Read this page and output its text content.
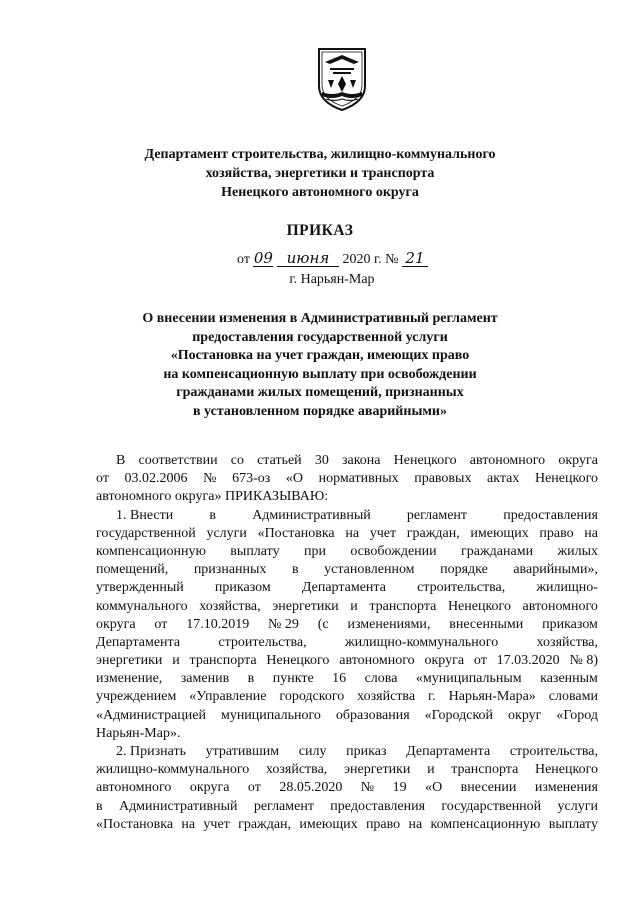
Департамент строительства, жилищно-коммунального
хозяйства, энергетики и транспорта
Ненецкого автономного округа
ПРИКАЗ
от 09 июня 2020 г. № 21
г. Нарьян-Мар
О внесении изменения в Административный регламент
предоставления государственной услуги
«Постановка на учет граждан, имеющих право
на компенсационную выплату при освобождении
гражданами жилых помещений, признанных
в установленном порядке аварийными»
В соответствии со статьей 30 закона Ненецкого автономного округа
от 03.02.2006 № 673-оз «О нормативных правовых актах Ненецкого
автономного округа» ПРИКАЗЫВАЮ:
1. Внести	в	Административный	регламент	предоставления
государственной услуги «Постановка на учет граждан, имеющих право на
компенсационную выплату при освобождении гражданами жилых
помещений, признанных в установленном порядке аварийными»,
утвержденный приказом Департамента строительства, жилищно-
коммунального хозяйства, энергетики и транспорта Ненецкого автономного
округа от 17.10.2019 № 29 (с изменениями, внесенными приказом
Департамента	строительства,	жилищно-коммунального	хозяйства,
энергетики и транспорта Ненецкого автономного округа от 17.03.2020 № 8)
изменение, заменив в пункте 16 слова «муниципальным казенным
учреждением «Управление городского хозяйства г. Нарьян-Мара» словами
«Администрацией муниципального образования «Городской округ «Город
Нарьян-Мар».
2. Признать утратившим силу приказ Департамента строительства,
жилищно-коммунального хозяйства, энергетики и транспорта Ненецкого
автономного округа от 28.05.2020 № 19 «О внесении изменения
в Административный регламент предоставления государственной услуги
«Постановка на учет граждан, имеющих право на компенсационную выплату
